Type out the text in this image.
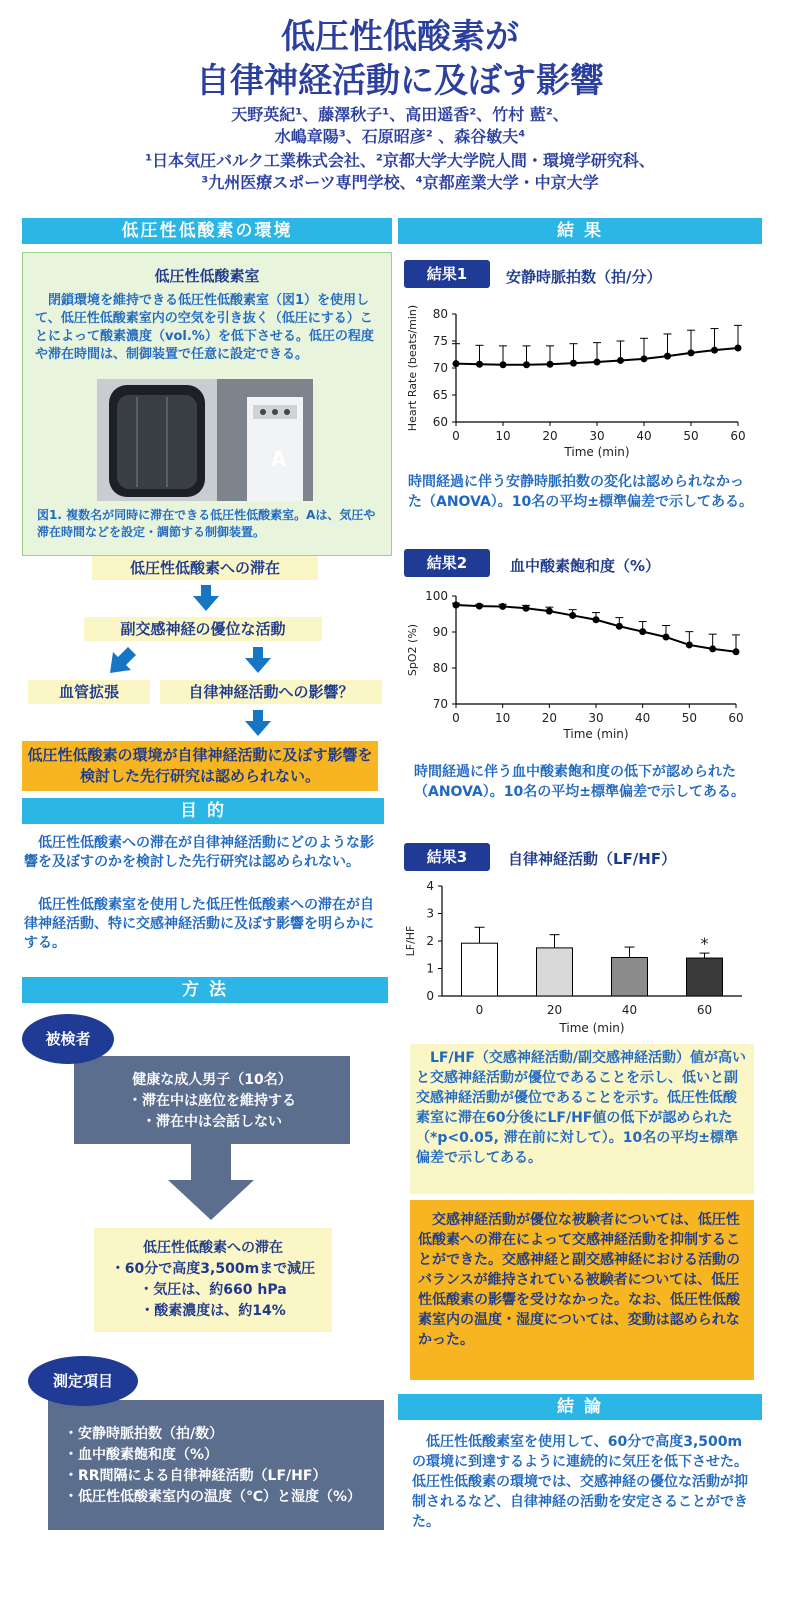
低圧性低酸素が
自律神経活動に及ぼす影響
天野英紀¹、藤澤秋子¹、高田遥香²、竹村 藍²、
水嶋章陽³、石原昭彦² 、森谷敏夫⁴
¹日本気圧バルク工業株式会社、²京都大学大学院人間・環境学研究科、
³九州医療スポーツ専門学校、⁴京都産業大学・中京大学
低圧性低酸素の環境
低圧性低酸素室

閉鎖環境を維持できる低圧性低酸素室（図1）を使用して、低圧性低酸素室内の空気を引き抜く（低圧にする）ことによって酸素濃度（vol.%）を低下させる。低圧の程度や滞在時間は、制御装置で任意に設定できる。

A

図1. 複数名が同時に滞在できる低圧性低酸素室。Aは、気圧や滞在時間などを設定・調節する制御装置。

低圧性低酸素への滞在
副交感神経の優位な活動
血管拡張	自律神経活動への影響？
低圧性低酸素の環境が自律神経活動に及ぼす影響を検討した先行研究は認められない。
目 的
低圧性低酸素への滞在が自律神経活動にどのような影響を及ぼすのかを検討した先行研究は認められない。
低圧性低酸素室を使用した低圧性低酸素への滞在が自律神経活動、特に交感神経活動に及ぼす影響を明らかにする。
方 法
健康な成人男子（10名）
・滞在中は座位を維持する
・滞在中は会話しない
被検者
低圧性低酸素への滞在
・60分で高度3,500mまで減圧
・気圧は、約660 hPa
・酸素濃度は、約14%
・安静時脈拍数（拍/数）
・血中酸素飽和度（%）
・RR間隔による自律神経活動（LF/HF）
・低圧性低酸素室内の温度（℃）と湿度（%）
測定項目
結 果
結果1	安静時脈拍数（拍/分）
60
65
70
75
80
0	10	20	30	40	50	60
Time (min)
Heart Rate (beats/min)
時間経過に伴う安静時脈拍数の変化は認められなかった（ANOVA）。10名の平均±標準偏差で示してある。
結果2	血中酸素飽和度（%）
70
80
90
100
0	10	20	30	40	50	60
Time (min)
SpO2 (%)
時間経過に伴う血中酸素飽和度の低下が認められた（ANOVA）。10名の平均±標準偏差で示してある。
結果3	自律神経活動（LF/HF）
0
1
2
3
4
0	20	40	60
*
Time (min)
LF/HF
LF/HF（交感神経活動/副交感神経活動）値が高いと交感神経活動が優位であることを示し、低いと副交感神経活動が優位であることを示す。低圧性低酸素室に滞在60分後にLF/HF値の低下が認められた（*p<0.05, 滞在前に対して）。10名の平均±標準偏差で示してある。
交感神経活動が優位な被験者については、低圧性低酸素への滞在によって交感神経活動を抑制することができた。交感神経と副交感神経における活動のバランスが維持されている被験者については、低圧性低酸素の影響を受けなかった。なお、低圧性低酸素室内の温度・湿度については、変動は認められなかった。
結 論
低圧性低酸素室を使用して、60分で高度3,500mの環境に到達するように連続的に気圧を低下させた。低圧性低酸素の環境では、交感神経の優位な活動が抑制されるなど、自律神経の活動を安定さることができた。
